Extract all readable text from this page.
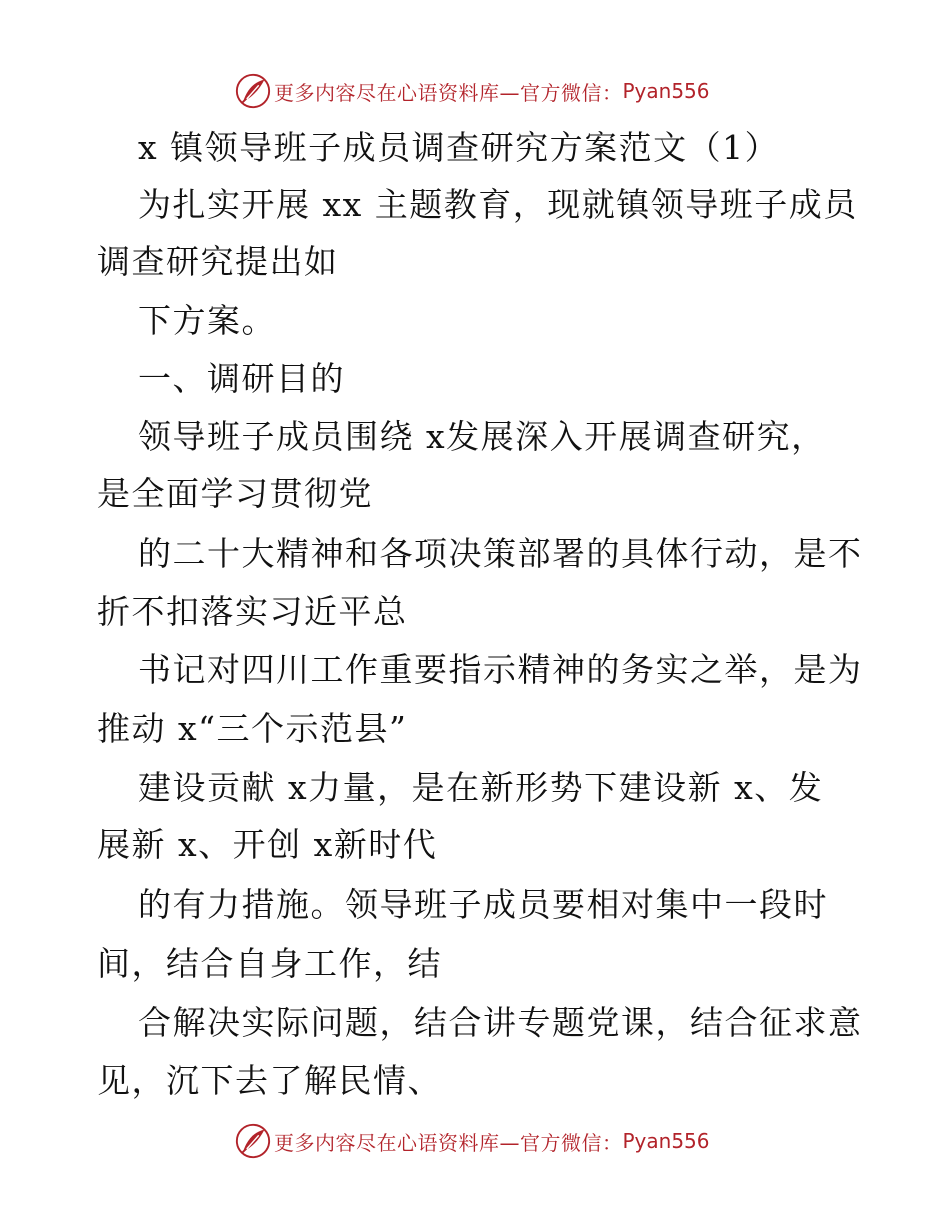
更多内容尽在心语资料库—官方微信： Pyan556
x 镇领导班子成员调查研究方案范文（1）
为扎实开展 xx 主题教育，现就镇领导班子成员
调查研究提出如
下方案。
一、调研目的
领导班子成员围绕 x发展深入开展调查研究，
是全面学习贯彻党
的二十大精神和各项决策部署的具体行动，是不
折不扣落实习近平总
书记对四川工作重要指示精神的务实之举，是为
推动 x“三个示范县”
建设贡献 x力量，是在新形势下建设新 x、发
展新 x、开创 x新时代
的有力措施。领导班子成员要相对集中一段时
间，结合自身工作，结
合解决实际问题，结合讲专题党课，结合征求意
见，沉下去了解民情、
更多内容尽在心语资料库—官方微信： Pyan556
